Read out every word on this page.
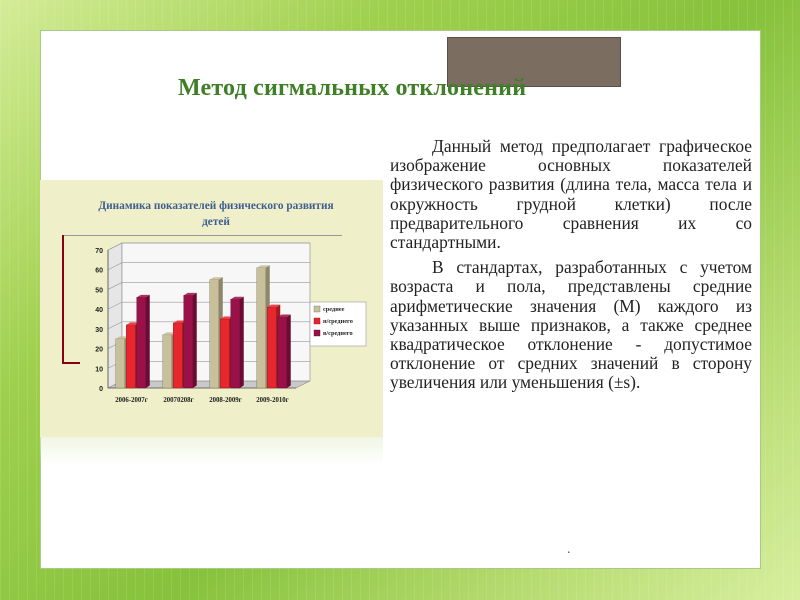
Метод сигмальных отклонений
Динамика показателей физического развития детей
0
10
20
30
40
50
60
70
2006-2007г 20070208г 2008-2009г 2009-2010г
среднее
н/среднего
в/среднего

Данный метод предполагает графическое изображение основных показателей физического развития (длина тела, масса тела и окружность грудной клетки) после предварительного сравнения их со стандартными.

В стандартах, разработанных с учетом возраста и пола, представлены средние арифметические значения (М) каждого из указанных выше признаков, а также среднее квадратическое отклонение - допустимое отклонение от средних значений в сторону увеличения или уменьшения (±s).

.
